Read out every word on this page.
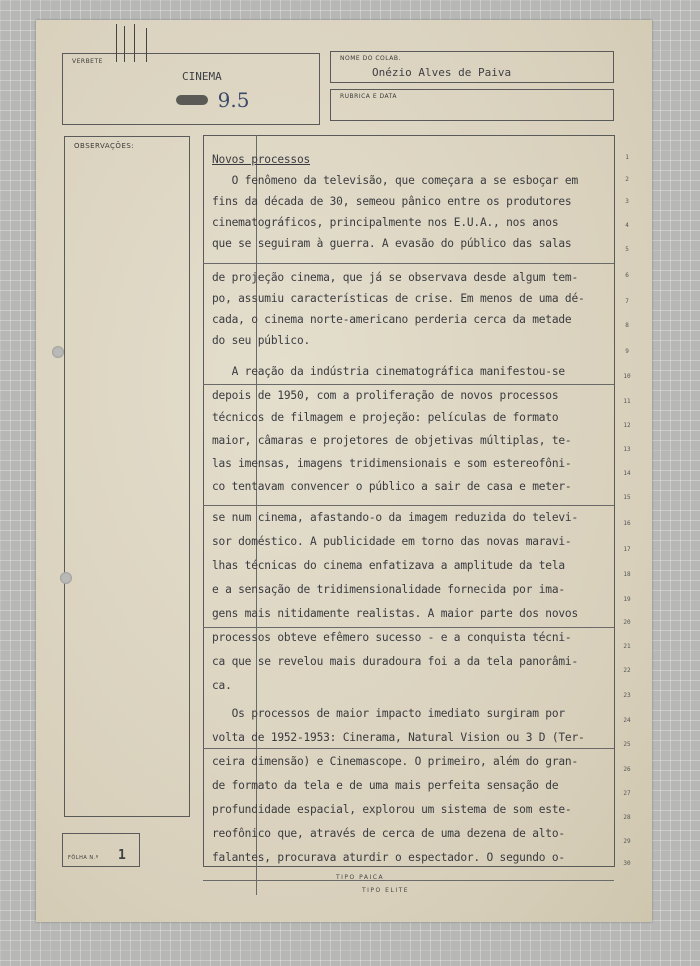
VERBETE
CINEMA
9.5
NOME DO COLAB.
Onézio Alves de Paiva
RUBRICA E DATA
OBSERVAÇÕES:
FÔLHA N.º 1
Novos processos
O fenômeno da televisão, que começara a se esboçar em
fins da década de 30, semeou pânico entre os produtores
cinematográficos, principalmente nos E.U.A., nos anos
que se seguiram à guerra. A evasão do público das salas
de projeção cinema, que já se observava desde algum tem-
po, assumiu características de crise. Em menos de uma dé-
cada, o cinema norte-americano perderia cerca da metade
do seu público.
A reação da indústria cinematográfica manifestou-se
depois de 1950, com a proliferação de novos processos
técnicos de filmagem e projeção: películas de formato
maior, câmaras e projetores de objetivas múltiplas, te-
las imensas, imagens tridimensionais e som estereofôni-
co tentavam convencer o público a sair de casa e meter-
se num cinema, afastando-o da imagem reduzida do televi-
sor doméstico. A publicidade em torno das novas maravi-
lhas técnicas do cinema enfatizava a amplitude da tela
e a sensação de tridimensionalidade fornecida por ima-
gens mais nitidamente realistas. A maior parte dos novos
processos obteve efêmero sucesso - e a conquista técni-
ca que se revelou mais duradoura foi a da tela panorâmi-
ca.
Os processos de maior impacto imediato surgiram por
volta de 1952-1953: Cinerama, Natural Vision ou 3 D (Ter-
ceira dimensão) e Cinemascope. O primeiro, além do gran-
de formato da tela e de uma mais perfeita sensação de
profundidade espacial, explorou um sistema de som este-
reofônico que, através de cerca de uma dezena de alto-
falantes, procurava aturdir o espectador. O segundo o-
1
2
3
4
5
6
7
8
9
10
11
12
13
14
15
16
17
18
19
20
21
22
23
24
25
26
27
28
29
30
TIPO PAICA
TIPO ELITE
